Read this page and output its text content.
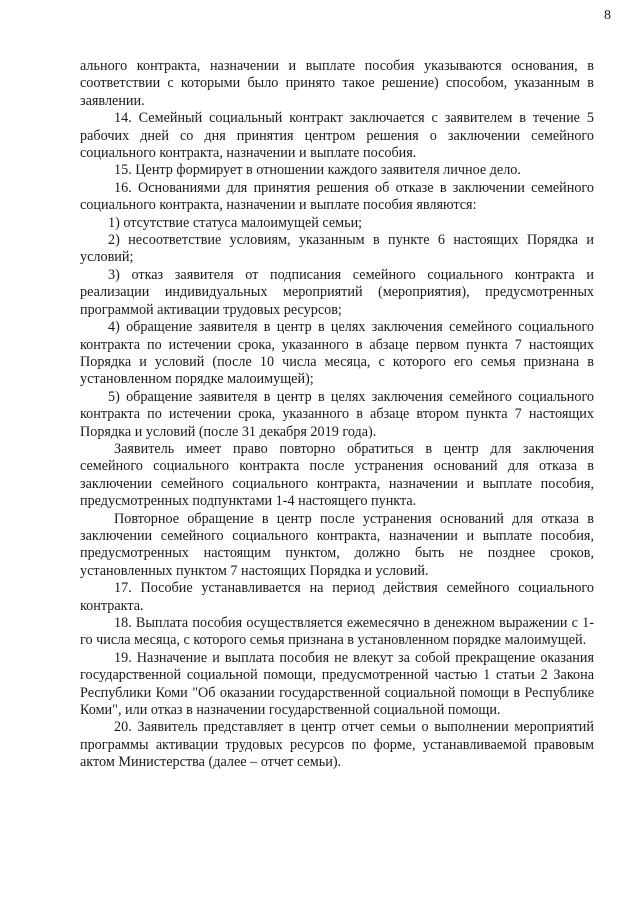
8

ального контракта, назначении и выплате пособия указываются основания, в соответствии с которыми было принято такое решение) способом, указанным в заявлении.

14. Семейный социальный контракт заключается с заявителем в течение 5 рабочих дней со дня принятия центром решения о заключении семейного социального контракта, назначении и выплате пособия.

15. Центр формирует в отношении каждого заявителя личное дело.

16. Основаниями для принятия решения об отказе в заключении семейного социального контракта, назначении и выплате пособия являются:

1) отсутствие статуса малоимущей семьи;

2) несоответствие условиям, указанным в пункте 6 настоящих Порядка и условий;

3) отказ заявителя от подписания семейного социального контракта и реализации индивидуальных мероприятий (мероприятия), предусмотренных программой активации трудовых ресурсов;

4) обращение заявителя в центр в целях заключения семейного социального контракта по истечении срока, указанного в абзаце первом пункта 7 настоящих Порядка и условий (после 10 числа месяца, с которого его семья признана в установленном порядке малоимущей);

5) обращение заявителя в центр в целях заключения семейного социального контракта по истечении срока, указанного в абзаце втором пункта 7 настоящих Порядка и условий (после 31 декабря 2019 года).

Заявитель имеет право повторно обратиться в центр для заключения семейного социального контракта после устранения оснований для отказа в заключении семейного социального контракта, назначении и выплате пособия, предусмотренных подпунктами 1-4 настоящего пункта.

Повторное обращение в центр после устранения оснований для отказа в заключении семейного социального контракта, назначении и выплате пособия, предусмотренных настоящим пунктом, должно быть не позднее сроков, установленных пунктом 7 настоящих Порядка и условий.

17. Пособие устанавливается на период действия семейного социального контракта.

18. Выплата пособия осуществляется ежемесячно в денежном выражении с 1-го числа месяца, с которого семья признана в установленном порядке малоимущей.

19. Назначение и выплата пособия не влекут за собой прекращение оказания государственной социальной помощи, предусмотренной частью 1 статьи 2 Закона Республики Коми "Об оказании государственной социальной помощи в Республике Коми", или отказ в назначении государственной социальной помощи.

20. Заявитель представляет в центр отчет семьи о выполнении мероприятий программы активации трудовых ресурсов по форме, устанавливаемой правовым актом Министерства (далее – отчет семьи).
